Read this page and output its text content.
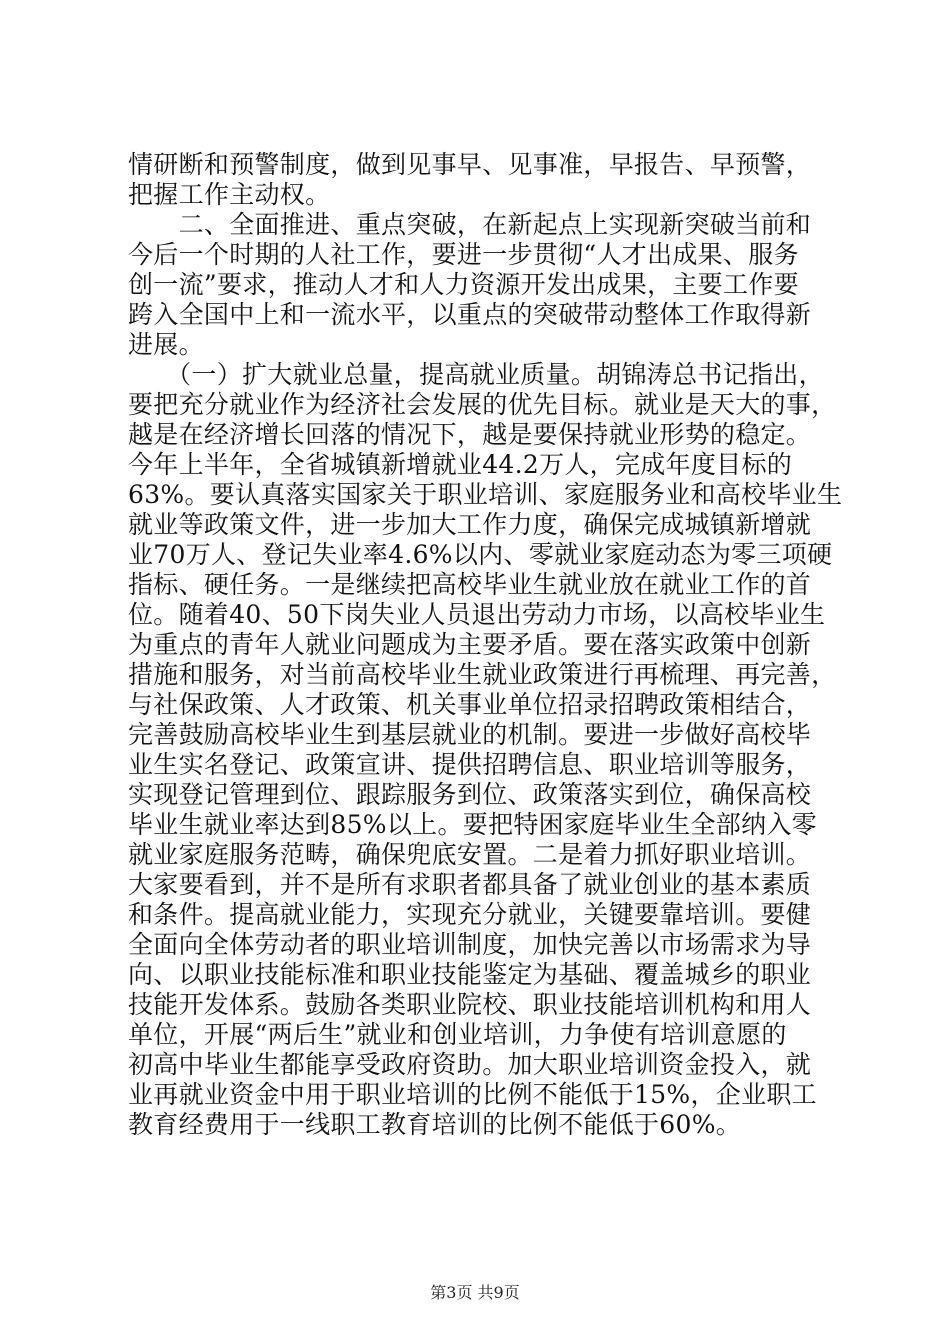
情研断和预警制度，做到见事早、见事准，早报告、早预警，
把握工作主动权。
　　二、全面推进、重点突破，在新起点上实现新突破当前和
今后一个时期的人社工作，要进一步贯彻“人才出成果、服务
创一流”要求，推动人才和人力资源开发出成果，主要工作要
跨入全国中上和一流水平，以重点的突破带动整体工作取得新
进展。
　　（一）扩大就业总量，提高就业质量。胡锦涛总书记指出，
要把充分就业作为经济社会发展的优先目标。就业是天大的事，
越是在经济增长回落的情况下，越是要保持就业形势的稳定。
今年上半年，全省城镇新增就业44.2万人，完成年度目标的
63%。要认真落实国家关于职业培训、家庭服务业和高校毕业生
就业等政策文件，进一步加大工作力度，确保完成城镇新增就
业70万人、登记失业率4.6%以内、零就业家庭动态为零三项硬
指标、硬任务。一是继续把高校毕业生就业放在就业工作的首
位。随着40、50下岗失业人员退出劳动力市场，以高校毕业生
为重点的青年人就业问题成为主要矛盾。要在落实政策中创新
措施和服务，对当前高校毕业生就业政策进行再梳理、再完善，
与社保政策、人才政策、机关事业单位招录招聘政策相结合，
完善鼓励高校毕业生到基层就业的机制。要进一步做好高校毕
业生实名登记、政策宣讲、提供招聘信息、职业培训等服务，
实现登记管理到位、跟踪服务到位、政策落实到位，确保高校
毕业生就业率达到85%以上。要把特困家庭毕业生全部纳入零
就业家庭服务范畴，确保兜底安置。二是着力抓好职业培训。
大家要看到，并不是所有求职者都具备了就业创业的基本素质
和条件。提高就业能力，实现充分就业，关键要靠培训。要健
全面向全体劳动者的职业培训制度，加快完善以市场需求为导
向、以职业技能标准和职业技能鉴定为基础、覆盖城乡的职业
技能开发体系。鼓励各类职业院校、职业技能培训机构和用人
单位，开展“两后生”就业和创业培训，力争使有培训意愿的
初高中毕业生都能享受政府资助。加大职业培训资金投入，就
业再就业资金中用于职业培训的比例不能低于15%，企业职工
教育经费用于一线职工教育培训的比例不能低于60%。
第3页 共9页
